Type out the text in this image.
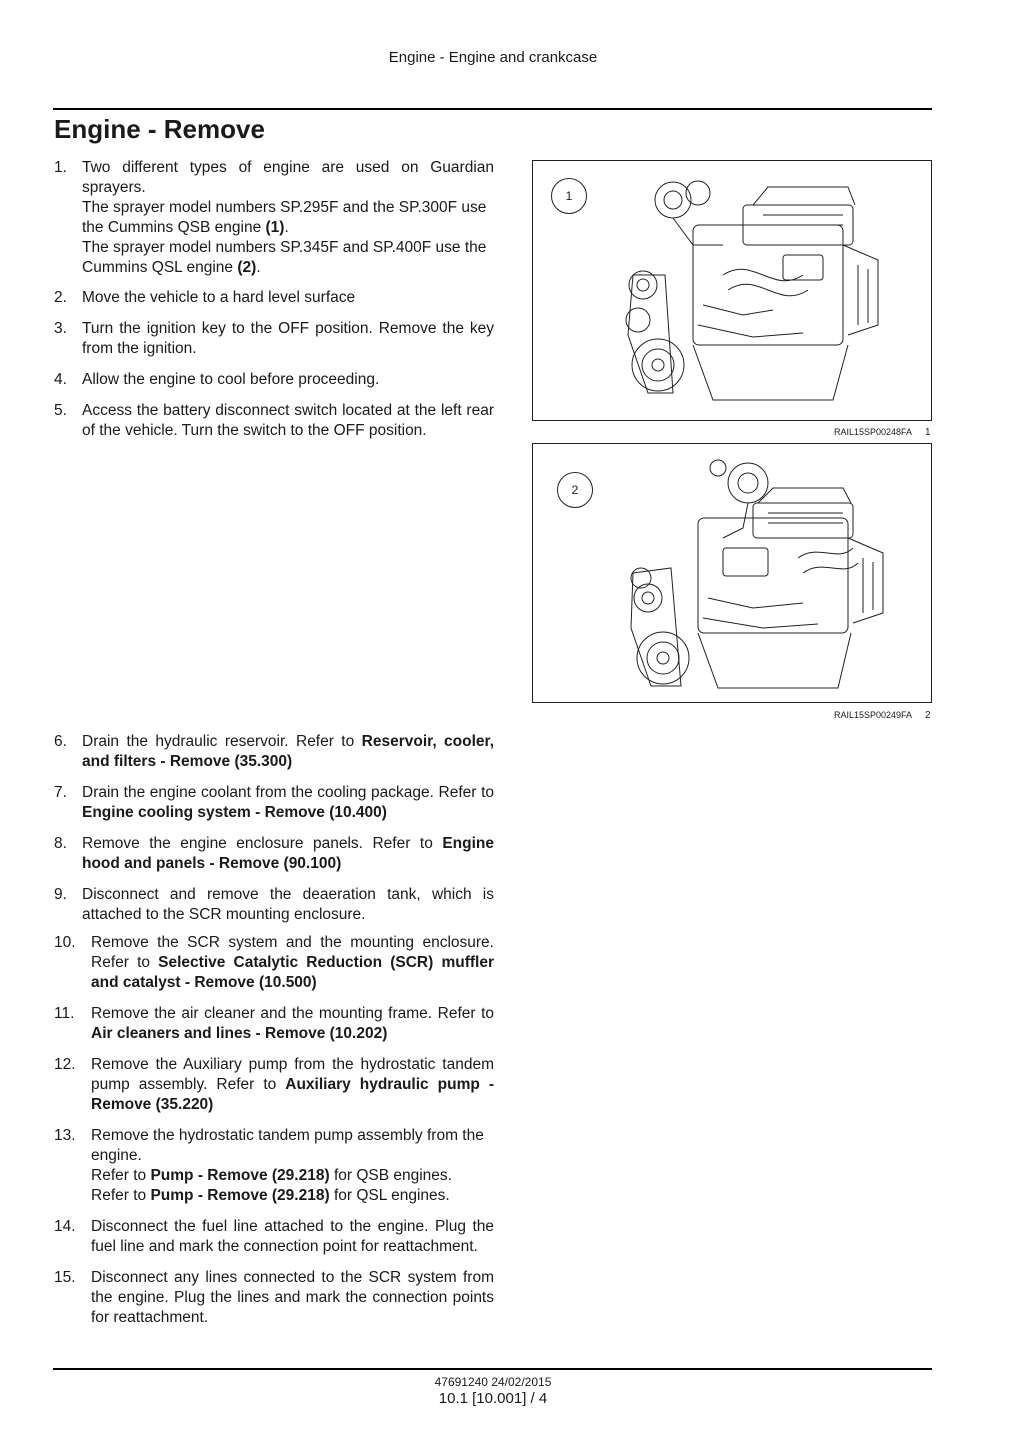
Engine - Engine and crankcase
Engine - Remove
1. Two different types of engine are used on Guardian sprayers.
The sprayer model numbers SP.295F and the SP.300F use the Cummins QSB engine (1).
The sprayer model numbers SP.345F and SP.400F use the Cummins QSL engine (2).
2. Move the vehicle to a hard level surface
3. Turn the ignition key to the OFF position. Remove the key from the ignition.
4. Allow the engine to cool before proceeding.
5. Access the battery disconnect switch located at the left rear of the vehicle. Turn the switch to the OFF position.
6. Drain the hydraulic reservoir. Refer to Reservoir, cooler, and filters - Remove (35.300)
7. Drain the engine coolant from the cooling package. Refer to Engine cooling system - Remove (10.400)
8. Remove the engine enclosure panels. Refer to Engine hood and panels - Remove (90.100)
9. Disconnect and remove the deaeration tank, which is attached to the SCR mounting enclosure.
10. Remove the SCR system and the mounting enclosure. Refer to Selective Catalytic Reduction (SCR) muffler and catalyst - Remove (10.500)
11. Remove the air cleaner and the mounting frame. Refer to Air cleaners and lines - Remove (10.202)
12. Remove the Auxiliary pump from the hydrostatic tandem pump assembly. Refer to Auxiliary hydraulic pump - Remove (35.220)
13. Remove the hydrostatic tandem pump assembly from the engine.
Refer to Pump - Remove (29.218) for QSB engines.
Refer to Pump - Remove (29.218) for QSL engines.
14. Disconnect the fuel line attached to the engine. Plug the fuel line and mark the connection point for reattachment.
15. Disconnect any lines connected to the SCR system from the engine. Plug the lines and mark the connection points for reattachment.
1
RAIL15SP00248FA 1
2
RAIL15SP00249FA 2
47691240 24/02/2015
10.1 [10.001] / 4
